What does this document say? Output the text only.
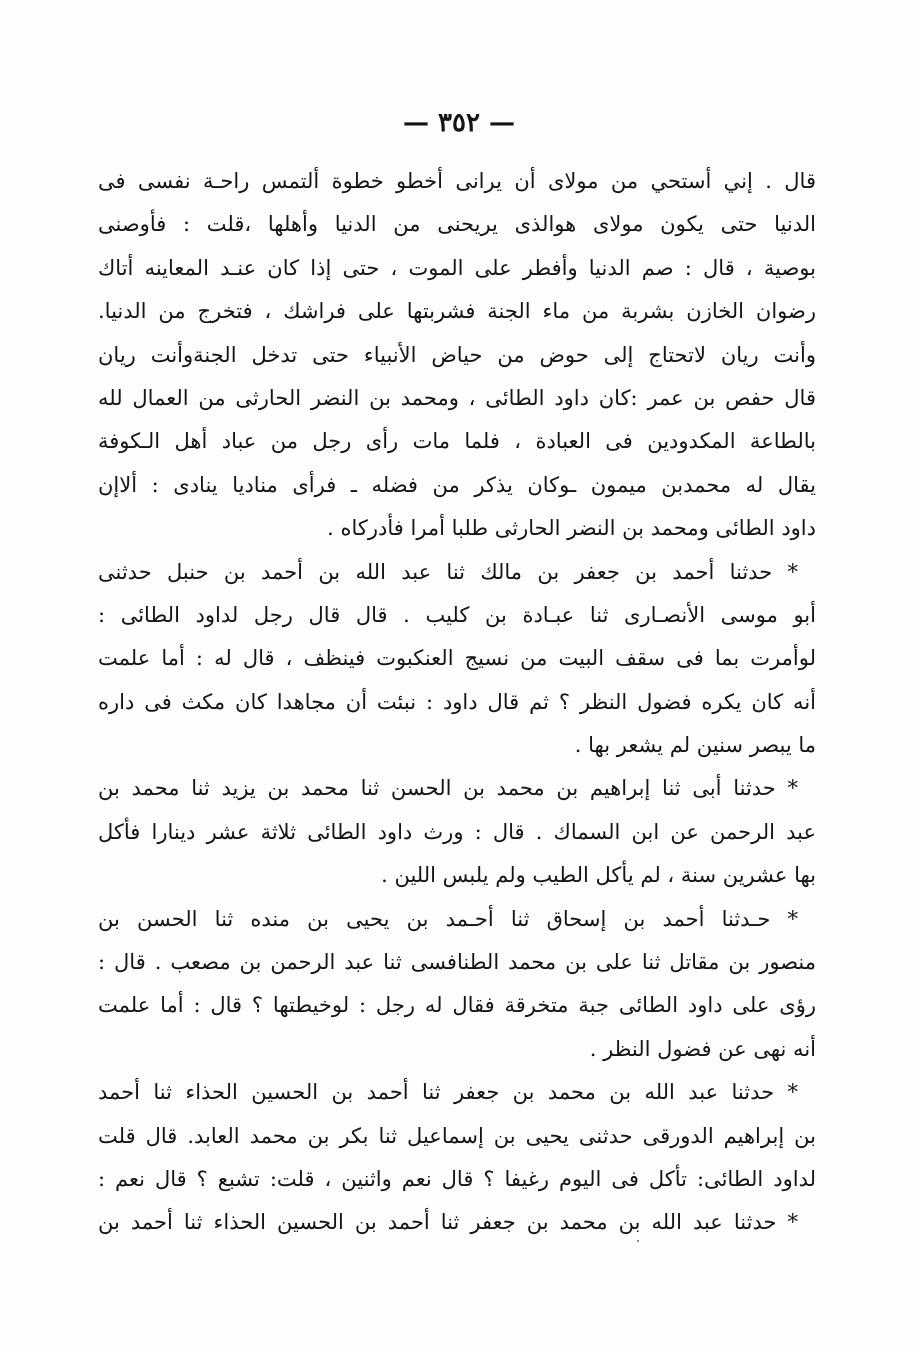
— ٣٥٢ —
قال . إني أستحي من مولاى أن يرانى أخطو خطوة ألتمس راحـة نفسى فى
الدنيا حتى يكون مولاى هوالذى يريحنى من الدنيا وأهلها ،قلت : فأوصنى
بوصية ، قال : صم الدنيا وأفطر على الموت ، حتى إذا كان عنـد المعاينه أتاك
رضوان الخازن بشربة من ماء الجنة فشربتها على فراشك ، فتخرج من الدنيا.
وأنت ريان لاتحتاج إلى حوض من حياض الأنبياء حتى تدخل الجنةوأنت ريان
قال حفص بن عمر :كان داود الطائى ، ومحمد بن النضر الحارثى من العمال لله
بالطاعة المكدودين فى العبادة ، فلما مات رأى رجل من عباد أهل الـكوفة
يقال له محمدبن ميمون ـوكان يذكر من فضله ـ فرأى مناديا ينادى : ألاإن
داود الطائى ومحمد بن النضر الحارثى طلبا أمرا فأدركاه .
* حدثنا أحمد بن جعفر بن مالك ثنا عبد الله بن أحمد بن حنبل حدثنى
أبو موسى الأنصـارى ثنا عبـادة بن كليب . قال قال رجل لداود الطائى :
لوأمرت بما فى سقف البيت من نسيج العنكبوت فينظف ، قال له : أما علمت
أنه كان يكره فضول النظر ؟ ثم قال داود : نبئت أن مجاهدا كان مكث فى داره
ما يبصر سنين لم يشعر بها .
* حدثنا أبى ثنا إبراهيم بن محمد بن الحسن ثنا محمد بن يزيد ثنا محمد بن
عبد الرحمن عن ابن السماك . قال : ورث داود الطائى ثلاثة عشر دينارا فأكل
بها عشرين سنة ، لم يأكل الطيب ولم يلبس اللين .
* حـدثنا أحمد بن إسحاق ثنا أحـمد بن يحيى بن منده ثنا الحسن بن
منصور بن مقاتل ثنا على بن محمد الطنافسى ثنا عبد الرحمن بن مصعب . قال :
رؤى على داود الطائى جبة متخرقة فقال له رجل : لوخيطتها ؟ قال : أما علمت
أنه نهى عن فضول النظر .
* حدثنا عبد الله بن محمد بن جعفر ثنا أحمد بن الحسين الحذاء ثنا أحمد
بن إبراهيم الدورقى حدثنى يحيى بن إسماعيل ثنا بكر بن محمد العابد. قال قلت
لداود الطائى: تأكل فى اليوم رغيفا ؟ قال نعم واثنين ، قلت: تشبع ؟ قال نعم :
* حدثنا عبد الله بن محمد بن جعفر ثنا أحمد بن الحسين الحذاء ثنا أحمد بن
